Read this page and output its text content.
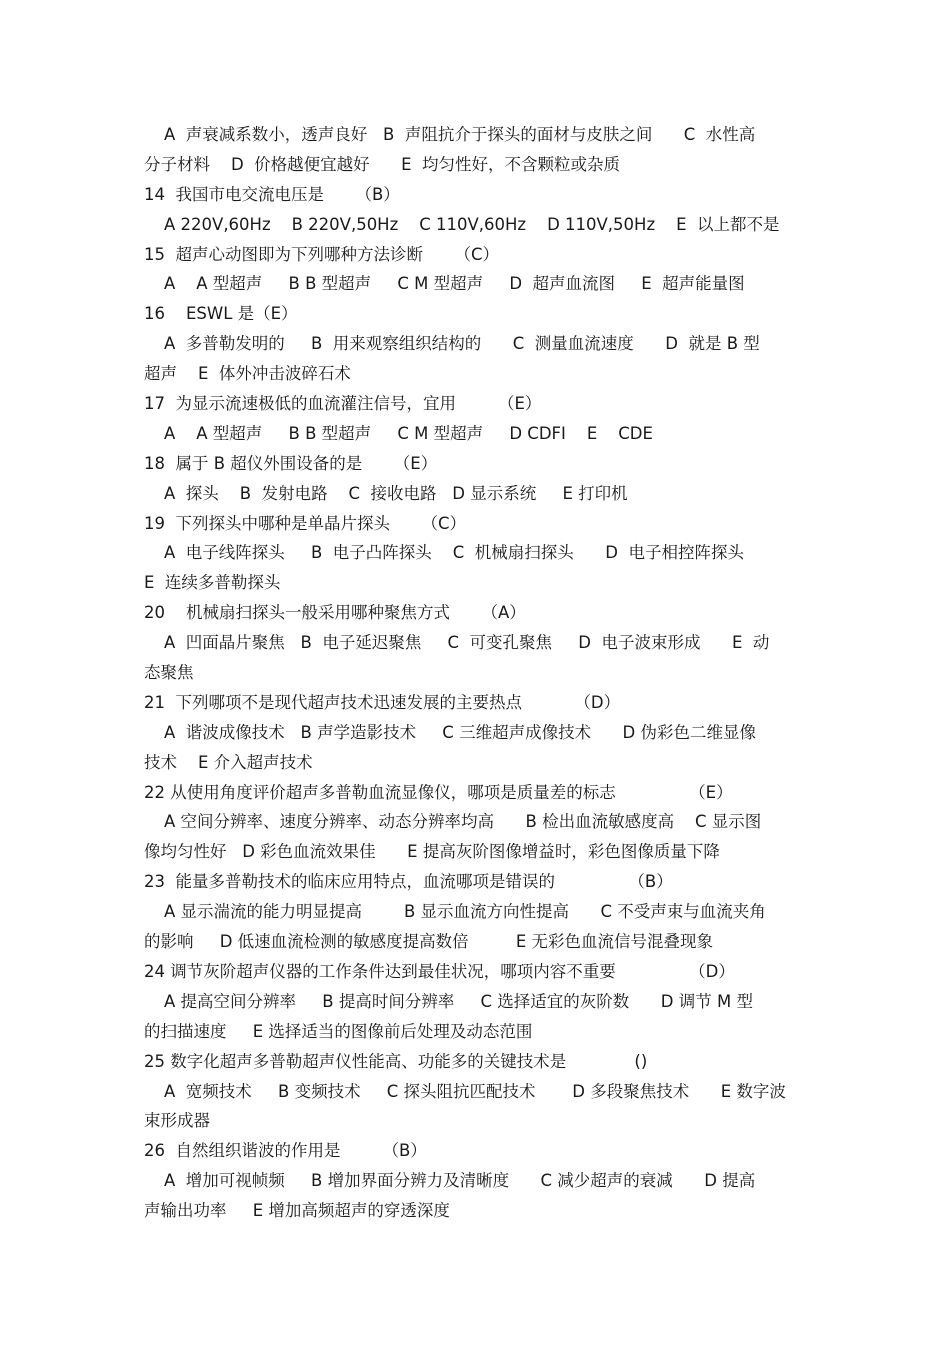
A  声衰减系数小，透声良好   B  声阻抗介于探头的面材与皮肤之间      C  水性高
分子材料    D  价格越便宜越好      E  均匀性好，不含颗粒或杂质
14  我国市电交流电压是      （B）
A 220V,60Hz    B 220V,50Hz    C 110V,60Hz    D 110V,50Hz    E  以上都不是
15  超声心动图即为下列哪种方法诊断      （C）
A    A 型超声     B B 型超声     C M 型超声     D  超声血流图     E  超声能量图
16    ESWL 是（E）
A  多普勒发明的     B  用来观察组织结构的      C  测量血流速度      D  就是 B 型
超声    E  体外冲击波碎石术
17  为显示流速极低的血流灌注信号，宜用        （E）
A    A 型超声     B B 型超声     C M 型超声     D CDFI    E    CDE
18  属于 B 超仪外围设备的是      （E）
A  探头    B  发射电路    C  接收电路   D 显示系统     E 打印机
19  下列探头中哪种是单晶片探头      （C）
A  电子线阵探头     B  电子凸阵探头    C  机械扇扫探头      D  电子相控阵探头
E  连续多普勒探头
20    机械扇扫探头一般采用哪种聚焦方式      （A）
A  凹面晶片聚焦   B  电子延迟聚焦     C  可变孔聚焦     D  电子波束形成      E  动
态聚焦
21  下列哪项不是现代超声技术迅速发展的主要热点          （D）
A  谐波成像技术   B 声学造影技术     C 三维超声成像技术      D 伪彩色二维显像
技术    E 介入超声技术
22 从使用角度评价超声多普勒血流显像仪，哪项是质量差的标志              （E）
A 空间分辨率、速度分辨率、动态分辨率均高      B 检出血流敏感度高    C 显示图
像均匀性好   D 彩色血流效果佳      E 提高灰阶图像增益时，彩色图像质量下降
23  能量多普勒技术的临床应用特点，血流哪项是错误的              （B）
A 显示湍流的能力明显提高        B 显示血流方向性提高      C 不受声束与血流夹角
的影响     D 低速血流检测的敏感度提高数倍         E 无彩色血流信号混叠现象
24 调节灰阶超声仪器的工作条件达到最佳状况，哪项内容不重要              （D）
A 提高空间分辨率     B 提高时间分辨率     C 选择适宜的灰阶数      D 调节 M 型
的扫描速度     E 选择适当的图像前后处理及动态范围
25 数字化超声多普勒超声仪性能高、功能多的关键技术是             ()
A  宽频技术     B 变频技术     C 探头阻抗匹配技术       D 多段聚焦技术      E 数字波
束形成器
26  自然组织谐波的作用是        （B）
A  增加可视帧频     B 增加界面分辨力及清晰度      C 减少超声的衰减      D 提高
声输出功率     E 增加高频超声的穿透深度
